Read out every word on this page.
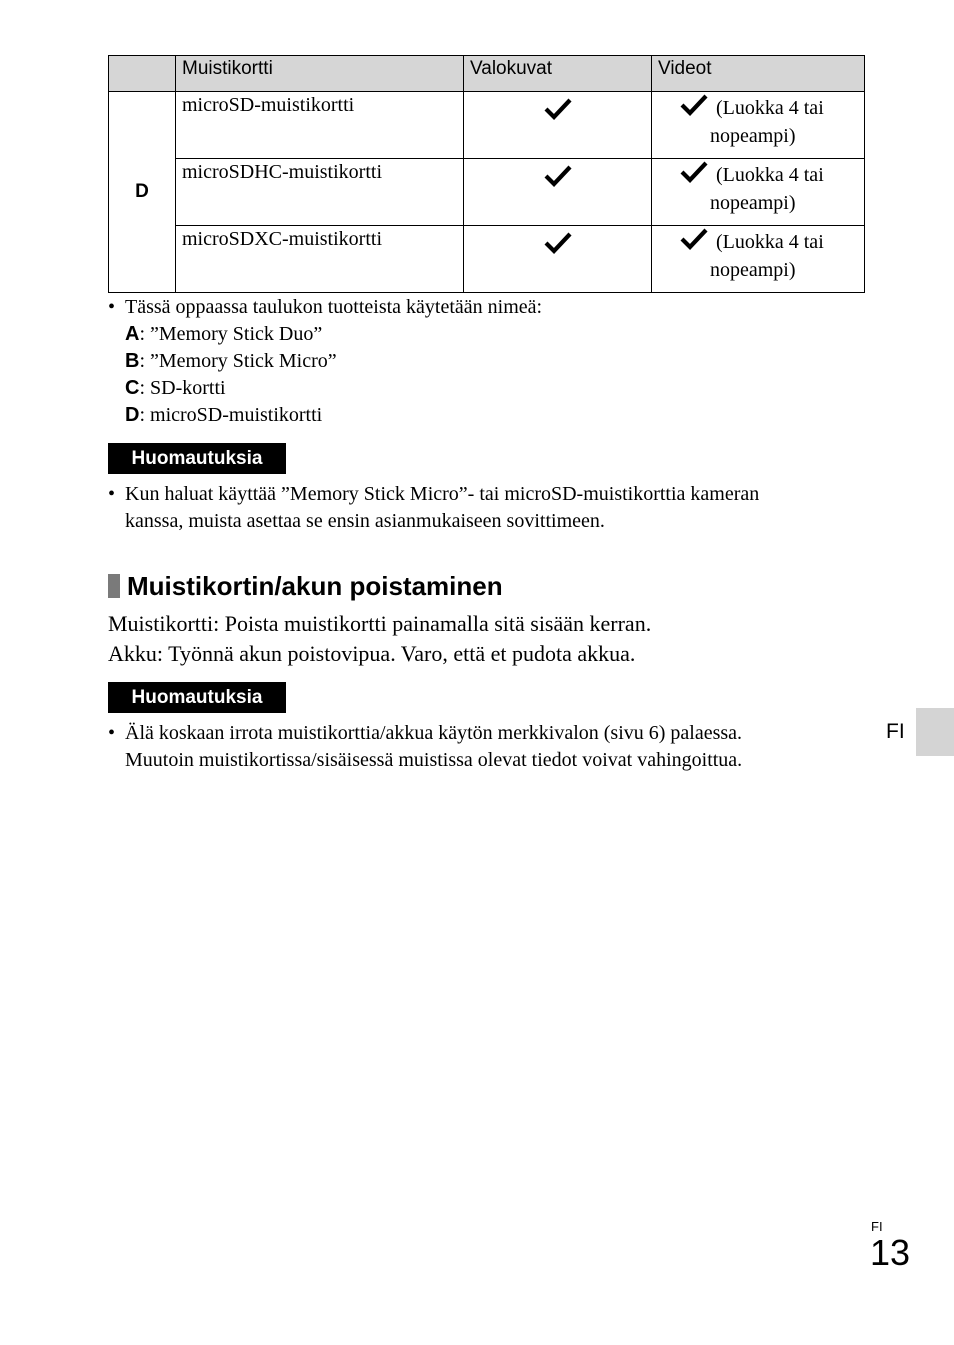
	Muistikortti	Valokuvat	Videot
D	microSD-muistikortti		(Luokka 4 tai
nopeampi)

	microSDHC-muistikortti		(Luokka 4 tai
nopeampi)

	microSDXC-muistikortti		(Luokka 4 tai
nopeampi)
• Tässä oppaassa taulukon tuotteista käytetään nimeä:
A: ”Memory Stick Duo”
B: ”Memory Stick Micro”
C: SD-kortti
D: microSD-muistikortti
Huomautuksia
• Kun haluat käyttää ”Memory Stick Micro”- tai microSD-muistikorttia kameran
kanssa, muista asettaa se ensin asianmukaiseen sovittimeen.
Muistikortin/akun poistaminen
Muistikortti: Poista muistikortti painamalla sitä sisään kerran.
Akku: Työnnä akun poistovipua. Varo, että et pudota akkua.
Huomautuksia
• Älä koskaan irrota muistikorttia/akkua käytön merkkivalon (sivu 6) palaessa.
Muutoin muistikortissa/sisäisessä muistissa olevat tiedot voivat vahingoittua.
FI
FI
13
